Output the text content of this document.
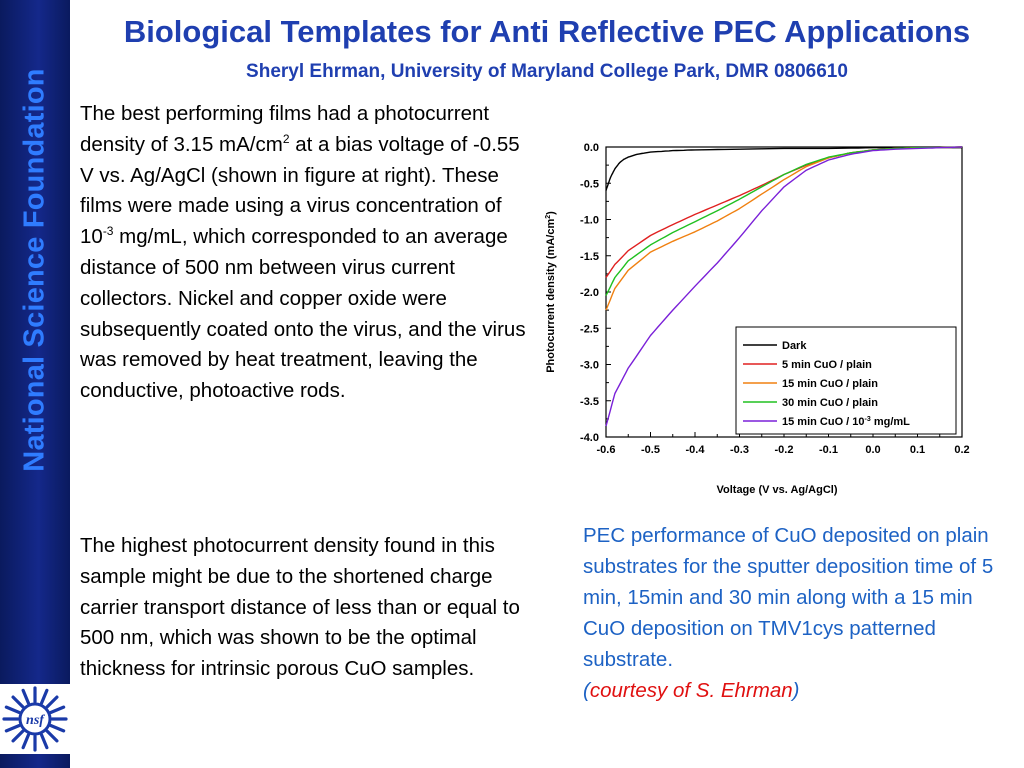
National Science Foundation
nsf
Biological Templates for Anti Reflective PEC Applications
Sheryl Ehrman, University of Maryland College Park, DMR 0806610
The best performing films had a photocurrent density of 3.15 $mA/cm^2$ at a bias voltage of -0.55 V vs. Ag/AgCl (shown in figure at right). These films were made using a virus concentration of $10^{-3}$ mg/mL, which corresponded to an average distance of 500 nm between virus current collectors. Nickel and copper oxide were subsequently coated onto the virus, and the virus was removed by heat treatment, leaving the conductive, photoactive rods.
The highest photocurrent density found in this sample might be due to the shortened charge carrier transport distance of less than or equal to 500 nm, which was shown to be the optimal thickness for intrinsic porous CuO samples.
-0.6 -0.5 -0.4 -0.3 -0.2 -0.1 0.0	0.1	0.2
0.0
-0.5
-1.0
-1.5
-2.0
-2.5
-3.0
-3.5
-4.0
Voltage (V vs. Ag/AgCl)
Photocurrent density $(mA/cm^2)$
Dark
5 min CuO / plain
15 min CuO / plain
30 min CuO / plain
15 min CuO / $10^{-3}$ mg/mL
PEC performance of CuO deposited on plain substrates for the sputter deposition time of 5 min, 15min and 30 min along with a 15 min CuO deposition on TMV1cys patterned substrate.
(courtesy of S. Ehrman)
